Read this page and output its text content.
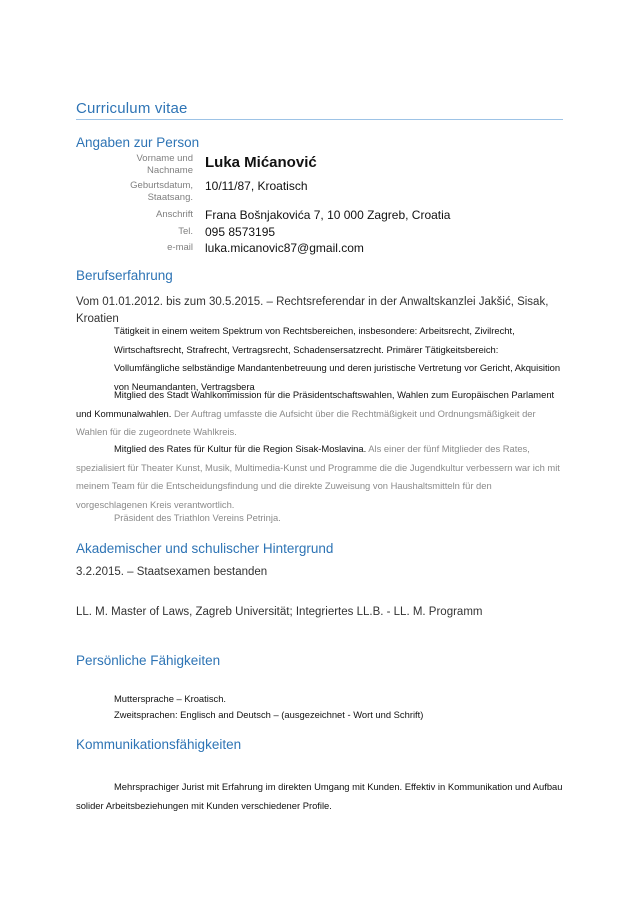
Curriculum vitae
Angaben zur Person
Vorname und
Nachname Luka Mićanović
Geburtsdatum,
Staatsang.
10/11/87, Kroatisch
Anschrift Frana Bošnjakovića 7, 10 000 Zagreb, Croatia
Tel. 095 8573195
e-mail luka.micanovic87@gmail.com
Berufserfahrung
Vom 01.01.2012. bis zum 30.5.2015. – Rechtsreferendar in der Anwaltskanzlei Jakšić, Sisak, Kroatien
Tätigkeit in einem weitem Spektrum von Rechtsbereichen, insbesondere: Arbeitsrecht, Zivilrecht, Wirtschaftsrecht, Strafrecht, Vertragsrecht, Schadensersatzrecht. Primärer Tätigkeitsbereich: Vollumfängliche selbständige Mandantenbetreuung und deren juristische Vertretung vor Gericht, Akquisition von Neumandanten, Vertragsbera
Mitglied des Stadt Wahlkommission für die Präsidentschaftswahlen, Wahlen zum Europäischen Parlament und Kommunalwahlen. Der Auftrag umfasste die Aufsicht über die Rechtmäßigkeit und Ordnungsmäßigkeit der Wahlen für die zugeordnete Wahlkreis.
Mitglied des Rates für Kultur für die Region Sisak-Moslavina. Als einer der fünf Mitglieder des Rates, spezialisiert für Theater Kunst, Musik, Multimedia-Kunst und Programme die die Jugendkultur verbessern war ich mit meinem Team für die Entscheidungsfindung und die direkte Zuweisung von Haushaltsmitteln für den vorgeschlagenen Kreis verantwortlich.
Präsident des Triathlon Vereins Petrinja.
Akademischer und schulischer Hintergrund
3.2.2015. – Staatsexamen bestanden
LL. M. Master of Laws, Zagreb Universität; Integriertes LL.B. - LL. M. Programm
Persönliche Fähigkeiten
Muttersprache – Kroatisch.
Zweitsprachen: Englisch and Deutsch – (ausgezeichnet - Wort und Schrift)
Kommunikationsfähigkeiten
Mehrsprachiger Jurist mit Erfahrung im direkten Umgang mit Kunden. Effektiv in Kommunikation und Aufbau solider Arbeitsbeziehungen mit Kunden verschiedener Profile.
